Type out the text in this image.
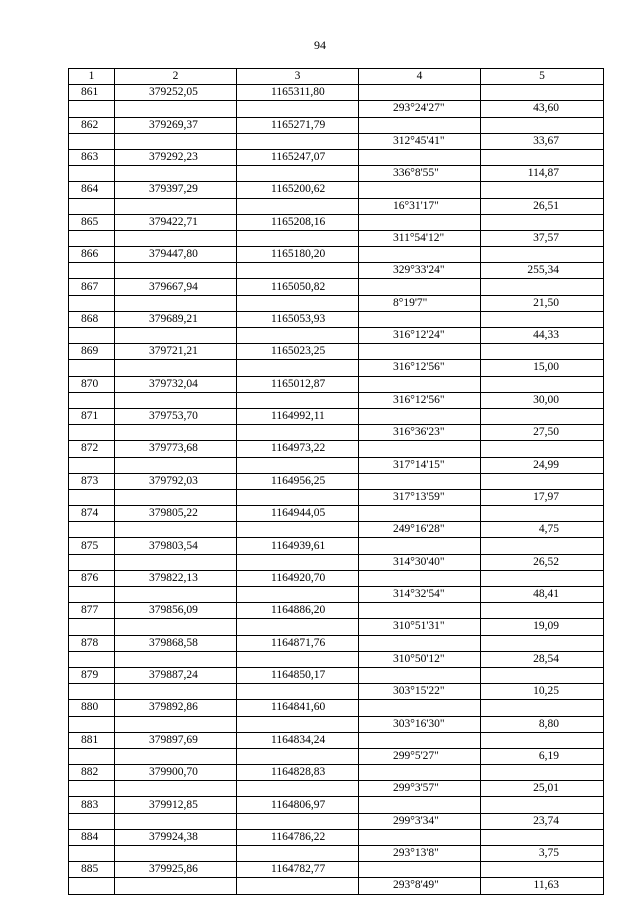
94
1	2	3	4	5
861	379252,05	1165311,80		
			293°24'27"	43,60
862	379269,37	1165271,79		
			312°45'41"	33,67
863	379292,23	1165247,07		
			336°8'55"	114,87
864	379397,29	1165200,62		
			16°31'17"	26,51
865	379422,71	1165208,16		
			311°54'12"	37,57
866	379447,80	1165180,20		
			329°33'24"	255,34
867	379667,94	1165050,82		
			8°19'7"	21,50
868	379689,21	1165053,93		
			316°12'24"	44,33
869	379721,21	1165023,25		
			316°12'56"	15,00
870	379732,04	1165012,87		
			316°12'56"	30,00
871	379753,70	1164992,11		
			316°36'23"	27,50
872	379773,68	1164973,22		
			317°14'15"	24,99
873	379792,03	1164956,25		
			317°13'59"	17,97
874	379805,22	1164944,05		
			249°16'28"	4,75
875	379803,54	1164939,61		
			314°30'40"	26,52
876	379822,13	1164920,70		
			314°32'54"	48,41
877	379856,09	1164886,20		
			310°51'31"	19,09
878	379868,58	1164871,76		
			310°50'12"	28,54
879	379887,24	1164850,17		
			303°15'22"	10,25
880	379892,86	1164841,60		
			303°16'30"	8,80
881	379897,69	1164834,24		
			299°5'27"	6,19
882	379900,70	1164828,83		
			299°3'57"	25,01
883	379912,85	1164806,97		
			299°3'34"	23,74
884	379924,38	1164786,22		
			293°13'8"	3,75
885	379925,86	1164782,77		
			293°8'49"	11,63
